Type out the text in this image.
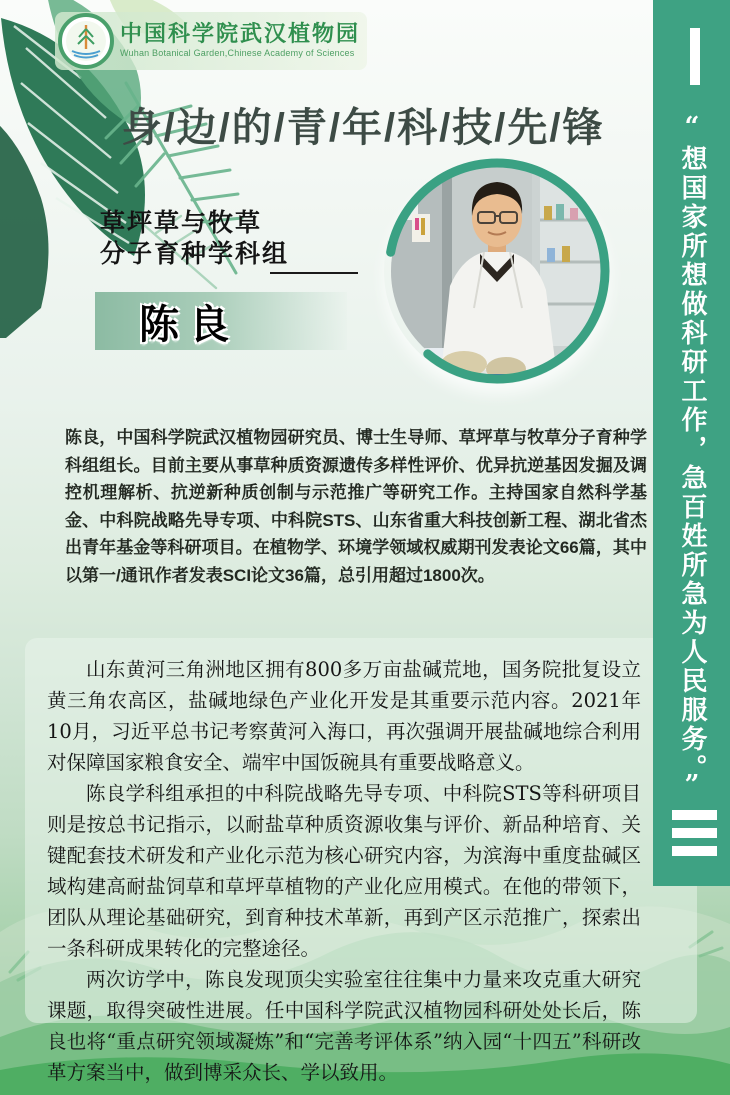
中国科学院武汉植物园
Wuhan Botanical Garden,Chinese Academy of Sciences
身/边/的/青/年/科/技/先/锋
草坪草与牧草
分子育种学科组
陈良

陈良，中国科学院武汉植物园研究员、博士生导师、草坪草与牧草分子育种学科组组长。目前主要从事草种质资源遗传多样性评价、优异抗逆基因发掘及调控机理解析、抗逆新种质创制与示范推广等研究工作。主持国家自然科学基金、中科院战略先导专项、中科院STS、山东省重大科技创新工程、湖北省杰出青年基金等科研项目。在植物学、环境学领域权威期刊发表论文66篇，其中以第一/通讯作者发表SCI论文36篇，总引用超过1800次。

山东黄河三角洲地区拥有800多万亩盐碱荒地，国务院批复设立黄三角农高区，盐碱地绿色产业化开发是其重要示范内容。2021年10月，习近平总书记考察黄河入海口，再次强调开展盐碱地综合利用对保障国家粮食安全、端牢中国饭碗具有重要战略意义。

陈良学科组承担的中科院战略先导专项、中科院STS等科研项目则是按总书记指示，以耐盐草种质资源收集与评价、新品种培育、关键配套技术研发和产业化示范为核心研究内容，为滨海中重度盐碱区域构建高耐盐饲草和草坪草植物的产业化应用模式。在他的带领下，团队从理论基础研究，到育种技术革新，再到产区示范推广，探索出一条科研成果转化的完整途径。

两次访学中，陈良发现顶尖实验室往往集中力量来攻克重大研究课题，取得突破性进展。任中国科学院武汉植物园科研处处长后，陈良也将“重点研究领域凝炼”和“完善考评体系”纳入园“十四五”科研改革方案当中，做到博采众长、学以致用。

“想国家所想做科研工作，急百姓所急为人民服务。”
